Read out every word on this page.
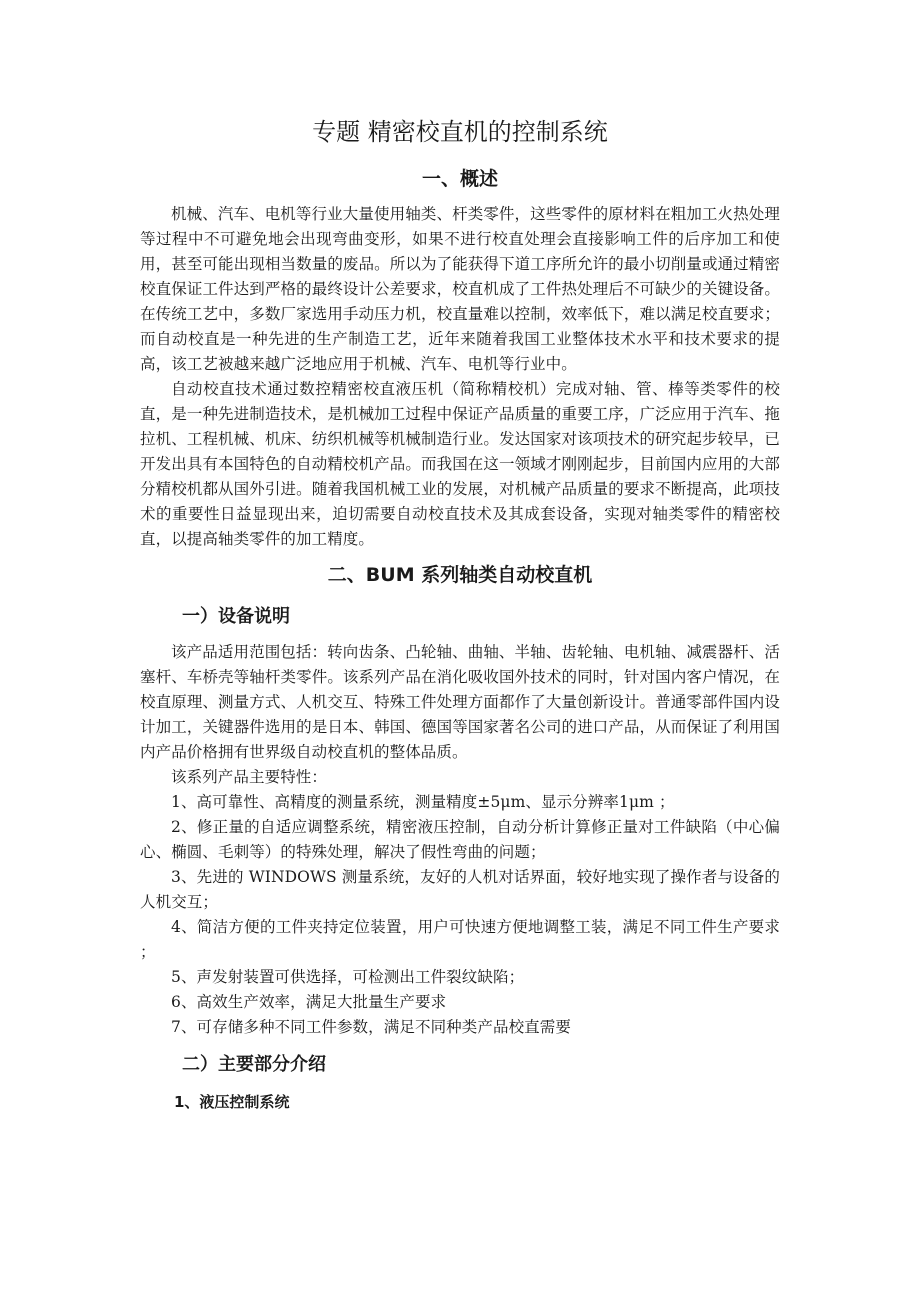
专题 精密校直机的控制系统
一、概述

机械、汽车、电机等行业大量使用轴类、杆类零件，这些零件的原材料在粗加工火热处理等过程中不可避免地会出现弯曲变形，如果不进行校直处理会直接影响工件的后序加工和使用，甚至可能出现相当数量的废品。所以为了能获得下道工序所允许的最小切削量或通过精密校直保证工件达到严格的最终设计公差要求，校直机成了工件热处理后不可缺少的关键设备。在传统工艺中，多数厂家选用手动压力机，校直量难以控制，效率低下，难以满足校直要求；而自动校直是一种先进的生产制造工艺，近年来随着我国工业整体技术水平和技术要求的提高，该工艺被越来越广泛地应用于机械、汽车、电机等行业中。

自动校直技术通过数控精密校直液压机（简称精校机）完成对轴、管、棒等类零件的校直，是一种先进制造技术，是机械加工过程中保证产品质量的重要工序，广泛应用于汽车、拖拉机、工程机械、机床、纺织机械等机械制造行业。发达国家对该项技术的研究起步较早，已开发出具有本国特色的自动精校机产品。而我国在这一领域才刚刚起步，目前国内应用的大部分精校机都从国外引进。随着我国机械工业的发展，对机械产品质量的要求不断提高，此项技术的重要性日益显现出来，迫切需要自动校直技术及其成套设备，实现对轴类零件的精密校直，以提高轴类零件的加工精度。

二、BUM 系列轴类自动校直机
一）设备说明

该产品适用范围包括：转向齿条、凸轮轴、曲轴、半轴、齿轮轴、电机轴、减震器杆、活塞杆、车桥壳等轴杆类零件。该系列产品在消化吸收国外技术的同时，针对国内客户情况，在校直原理、测量方式、人机交互、特殊工件处理方面都作了大量创新设计。普通零部件国内设计加工，关键器件选用的是日本、韩国、德国等国家著名公司的进口产品，从而保证了利用国内产品价格拥有世界级自动校直机的整体品质。

该系列产品主要特性：

1、高可靠性、高精度的测量系统，测量精度±5μm、显示分辨率1μm ；

2、修正量的自适应调整系统，精密液压控制，自动分析计算修正量对工件缺陷（中心偏心、椭圆、毛刺等）的特殊处理，解决了假性弯曲的问题；

3、先进的 WINDOWS 测量系统，友好的人机对话界面，较好地实现了操作者与设备的人机交互；

4、简洁方便的工件夹持定位装置，用户可快速方便地调整工装，满足不同工件生产要求 ；

5、声发射装置可供选择，可检测出工件裂纹缺陷；

6、高效生产效率，满足大批量生产要求

7、可存储多种不同工件参数，满足不同种类产品校直需要

二）主要部分介绍
1、液压控制系统
